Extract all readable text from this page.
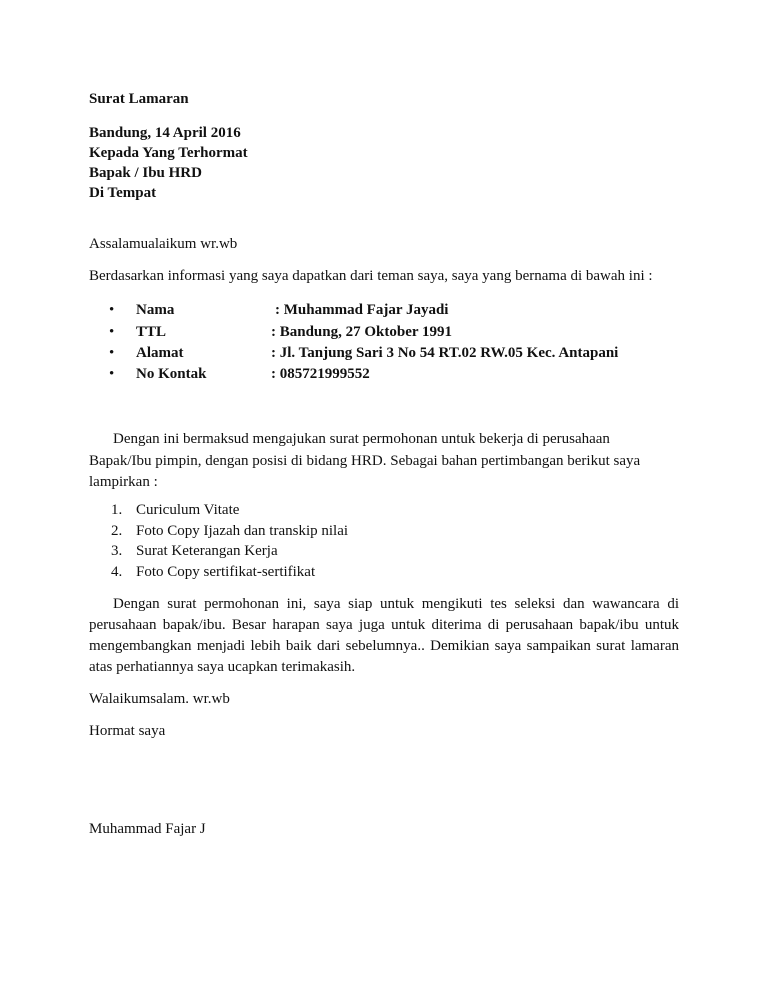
Surat Lamaran
Bandung, 14 April 2016
Kepada Yang Terhormat
Bapak / Ibu HRD
Di Tempat
Assalamualaikum wr.wb
Berdasarkan informasi yang saya dapatkan dari teman saya, saya yang bernama di bawah ini :
• Nama	: Muhammad Fajar Jayadi
• TTL	: Bandung, 27 Oktober 1991
• Alamat	: Jl. Tanjung Sari 3 No 54 RT.02 RW.05 Kec. Antapani
• No Kontak	: 085721999552
Dengan ini bermaksud mengajukan surat permohonan untuk bekerja di perusahaan
Bapak/Ibu pimpin, dengan posisi di bidang HRD. Sebagai bahan pertimbangan berikut saya
lampirkan :
1. Curiculum Vitate
2. Foto Copy Ijazah dan transkip nilai
3. Surat Keterangan Kerja
4. Foto Copy sertifikat-sertifikat
Dengan surat permohonan ini, saya siap untuk mengikuti tes seleksi dan wawancara di
perusahaan bapak/ibu. Besar harapan saya juga untuk diterima di perusahaan bapak/ibu untuk
mengembangkan menjadi lebih baik dari sebelumnya.. Demikian saya sampaikan surat lamaran
atas perhatiannya saya ucapkan terimakasih.
Walaikumsalam. wr.wb
Hormat saya
Muhammad Fajar J
